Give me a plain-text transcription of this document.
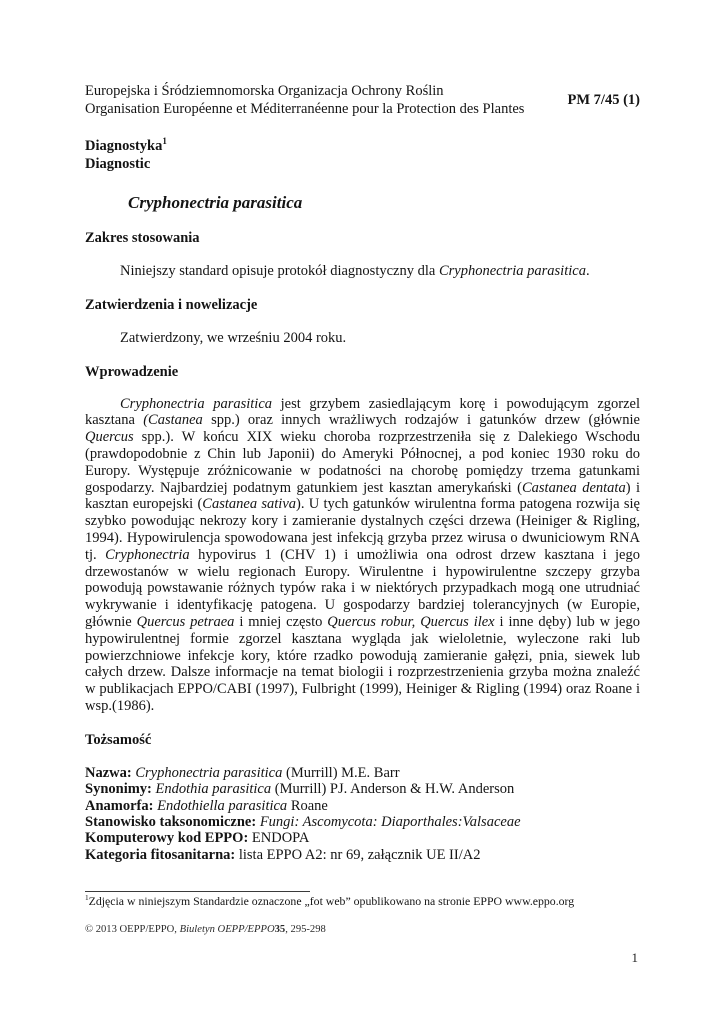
Europejska i Śródziemnomorska Organizacja Ochrony Roślin
Organisation Européenne et Méditerranéenne pour la Protection des Plantes
PM 7/45 (1)
Diagnostyka$^1$
Diagnostic
Cryphonectria parasitica
Zakres stosowania

Niniejszy standard opisuje protokół diagnostyczny dla Cryphonectria parasitica.

Zatwierdzenia i nowelizacje

Zatwierdzony, we wrześniu 2004 roku.

Wprowadzenie

Cryphonectria parasitica jest grzybem zasiedlającym korę i powodującym zgorzel kasztana (Castanea spp.) oraz innych wrażliwych rodzajów i gatunków drzew (głównie Quercus spp.). W końcu XIX wieku choroba rozprzestrzeniła się z Dalekiego Wschodu (prawdopodobnie z Chin lub Japonii) do Ameryki Północnej, a pod koniec 1930 roku do Europy. Występuje zróżnicowanie w podatności na chorobę pomiędzy trzema gatunkami gospodarzy. Najbardziej podatnym gatunkiem jest kasztan amerykański (Castanea dentata) i kasztan europejski (Castanea sativa). U tych gatunków wirulentna forma patogena rozwija się szybko powodując nekrozy kory i zamieranie dystalnych części drzewa (Heiniger & Rigling, 1994). Hypowirulencja spowodowana jest infekcją grzyba przez wirusa o dwuniciowym RNA tj. Cryphonectria hypovirus 1 (CHV 1) i umożliwia ona odrost drzew kasztana i jego drzewostanów w wielu regionach Europy. Wirulentne i hypowirulentne szczepy grzyba powodują powstawanie różnych typów raka i w niektórych przypadkach mogą one utrudniać wykrywanie i identyfikację patogena. U gospodarzy bardziej tolerancyjnych (w Europie, głównie Quercus petraea i mniej często Quercus robur, Quercus ilex i inne dęby) lub w jego hypowirulentnej formie zgorzel kasztana wygląda jak wieloletnie, wyleczone raki lub powierzchniowe infekcje kory, które rzadko powodują zamieranie gałęzi, pnia, siewek lub całych drzew. Dalsze informacje na temat biologii i rozprzestrzenienia grzyba można znaleźć w publikacjach EPPO/CABI (1997), Fulbright (1999), Heiniger & Rigling (1994) oraz Roane i wsp.(1986).

Tożsamość
Nazwa: Cryphonectria parasitica (Murrill) M.E. Barr
Synonimy: Endothia parasitica (Murrill) PJ. Anderson & H.W. Anderson
Anamorfa: Endothiella parasitica Roane
Stanowisko taksonomiczne: Fungi: Ascomycota: Diaporthales:Valsaceae
Komputerowy kod EPPO: ENDOPA
Kategoria fitosanitarna: lista EPPO A2: nr 69, załącznik UE II/A2

$^1$Zdjęcia w niniejszym Standardzie oznaczone „fot web” opublikowano na stronie EPPO www.eppo.org

© 2013 OEPP/EPPO, Biuletyn OEPP/EPPO35, 295-298

1
